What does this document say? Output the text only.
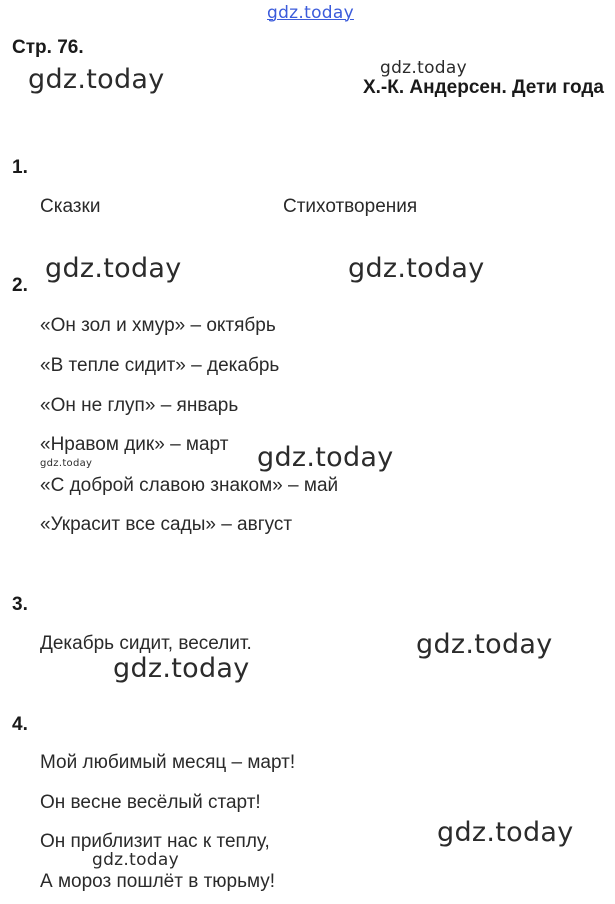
gdz.today
gdz.today	gdz.today
gdz.today	gdz.today
gdz.today
gdz.today
gdz.today
gdz.today
gdz.today
gdz.today
Стр. 76.
Х.-К. Андерсен. Дети года
1.
Сказки	Стихотворения
2.
«Он зол и хмур» – октябрь
«В тепле сидит» – декабрь
«Он не глуп» – январь
«Нравом дик» – март
«С доброй славою знаком» – май
«Украсит все сады» – август
3.
Декабрь сидит, веселит.
4.
Мой любимый месяц – март!
Он весне весёлый старт!
Он приблизит нас к теплу,
А мороз пошлёт в тюрьму!
